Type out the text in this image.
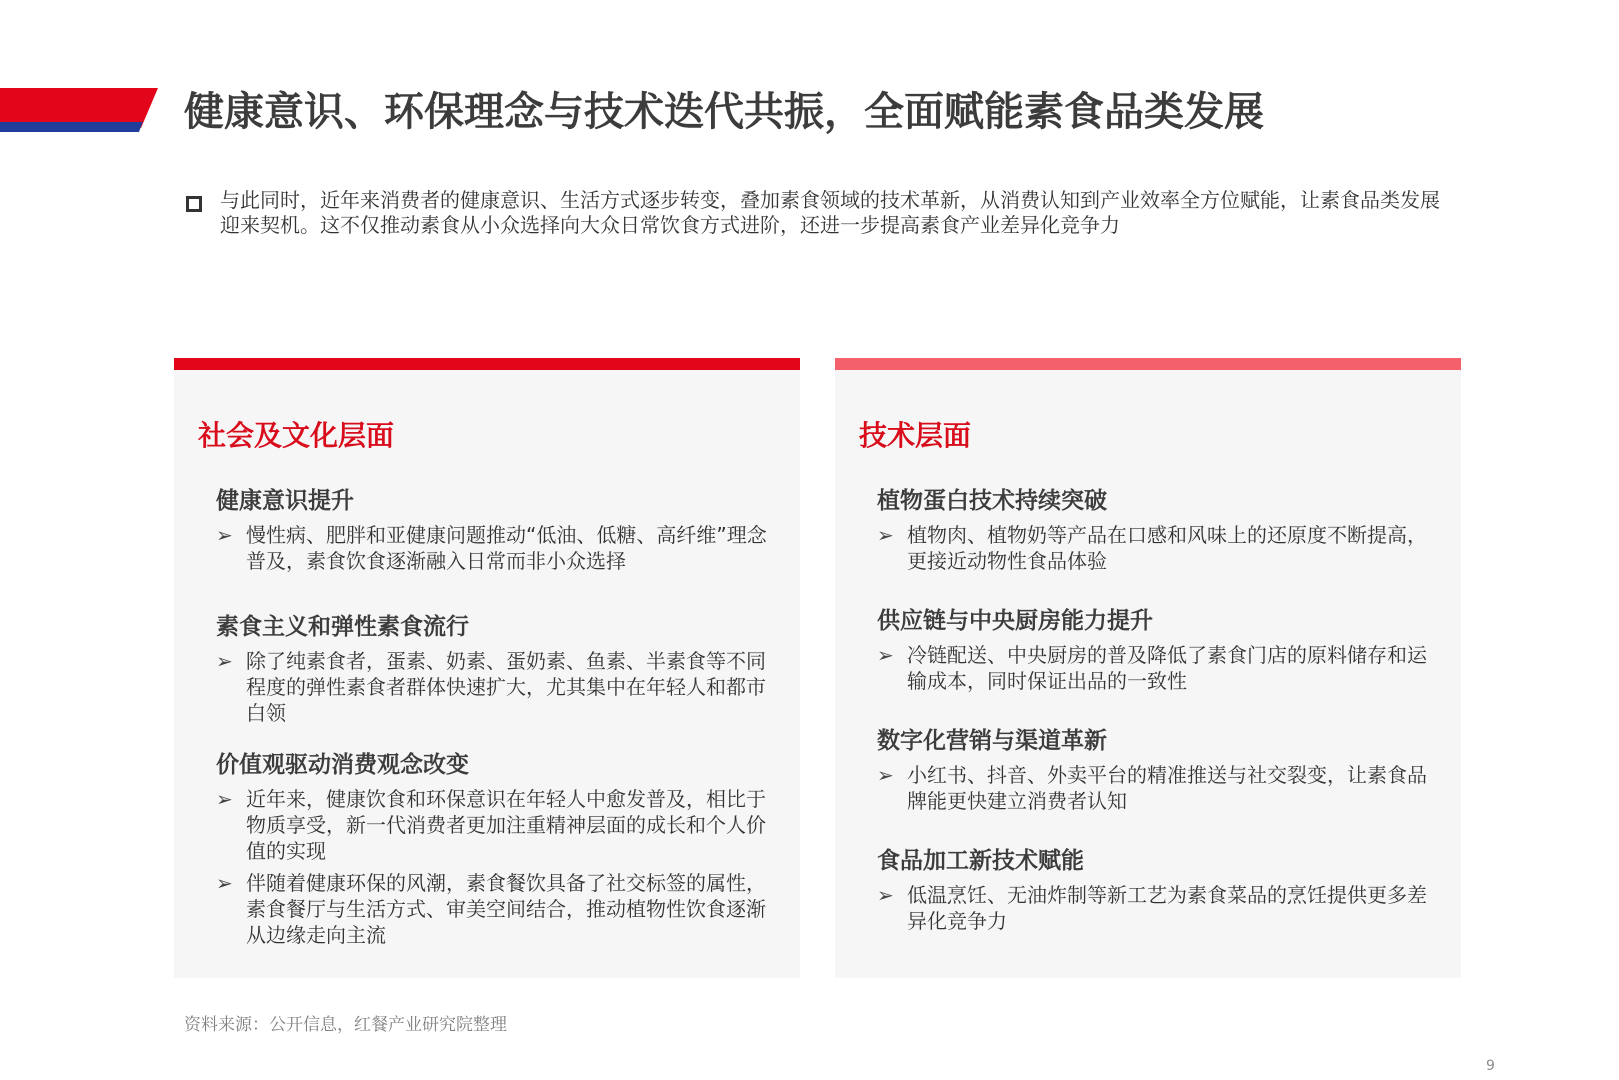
健康意识、环保理念与技术迭代共振，全面赋能素食品类发展
与此同时，近年来消费者的健康意识、生活方式逐步转变，叠加素食领域的技术革新，从消费认知到产业效率全方位赋能，让素食品类发展迎来契机。这不仅推动素食从小众选择向大众日常饮食方式进阶，还进一步提高素食产业差异化竞争力
社会及文化层面
健康意识提升
➢ 慢性病、肥胖和亚健康问题推动“低油、低糖、高纤维”理念普及，素食饮食逐渐融入日常而非小众选择
素食主义和弹性素食流行
➢ 除了纯素食者，蛋素、奶素、蛋奶素、鱼素、半素食等不同程度的弹性素食者群体快速扩大，尤其集中在年轻人和都市白领
价值观驱动消费观念改变
➢ 近年来，健康饮食和环保意识在年轻人中愈发普及，相比于物质享受，新一代消费者更加注重精神层面的成长和个人价值的实现
➢ 伴随着健康环保的风潮，素食餐饮具备了社交标签的属性，素食餐厅与生活方式、审美空间结合，推动植物性饮食逐渐从边缘走向主流
技术层面
植物蛋白技术持续突破
➢ 植物肉、植物奶等产品在口感和风味上的还原度不断提高，更接近动物性食品体验
供应链与中央厨房能力提升
➢ 冷链配送、中央厨房的普及降低了素食门店的原料储存和运输成本，同时保证出品的一致性
数字化营销与渠道革新
➢ 小红书、抖音、外卖平台的精准推送与社交裂变，让素食品牌能更快建立消费者认知
食品加工新技术赋能
➢ 低温烹饪、无油炸制等新工艺为素食菜品的烹饪提供更多差异化竞争力
资料来源：公开信息，红餐产业研究院整理
9
